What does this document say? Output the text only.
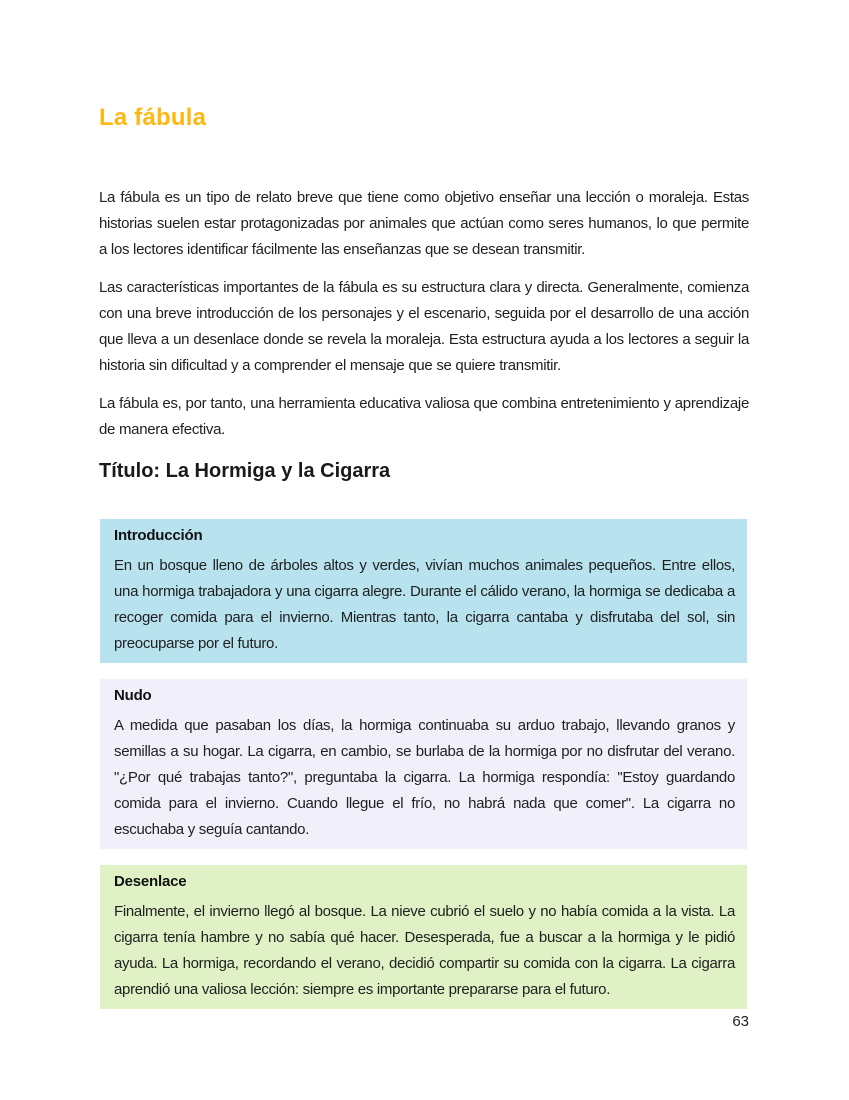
La fábula

La fábula es un tipo de relato breve que tiene como objetivo enseñar una lección o moraleja. Estas historias suelen estar protagonizadas por animales que actúan como seres humanos, lo que permite a los lectores identificar fácilmente las enseñanzas que se desean transmitir.

Las características importantes de la fábula es su estructura clara y directa. Generalmente, comienza con una breve introducción de los personajes y el escenario, seguida por el desarrollo de una acción que lleva a un desenlace donde se revela la moraleja. Esta estructura ayuda a los lectores a seguir la historia sin dificultad y a comprender el mensaje que se quiere transmitir.

La fábula es, por tanto, una herramienta educativa valiosa que combina entretenimiento y aprendizaje de manera efectiva.

Título: La Hormiga y la Cigarra

Introducción

En un bosque lleno de árboles altos y verdes, vivían muchos animales pequeños. Entre ellos, una hormiga trabajadora y una cigarra alegre. Durante el cálido verano, la hormiga se dedicaba a recoger comida para el invierno. Mientras tanto, la cigarra cantaba y disfrutaba del sol, sin preocuparse por el futuro.

Nudo

A medida que pasaban los días, la hormiga continuaba su arduo trabajo, llevando granos y semillas a su hogar. La cigarra, en cambio, se burlaba de la hormiga por no disfrutar del verano. "¿Por qué trabajas tanto?", preguntaba la cigarra. La hormiga respondía: "Estoy guardando comida para el invierno. Cuando llegue el frío, no habrá nada que comer". La cigarra no escuchaba y seguía cantando.

Desenlace

Finalmente, el invierno llegó al bosque. La nieve cubrió el suelo y no había comida a la vista. La cigarra tenía hambre y no sabía qué hacer. Desesperada, fue a buscar a la hormiga y le pidió ayuda. La hormiga, recordando el verano, decidió compartir su comida con la cigarra. La cigarra aprendió una valiosa lección: siempre es importante prepararse para el futuro.

63
